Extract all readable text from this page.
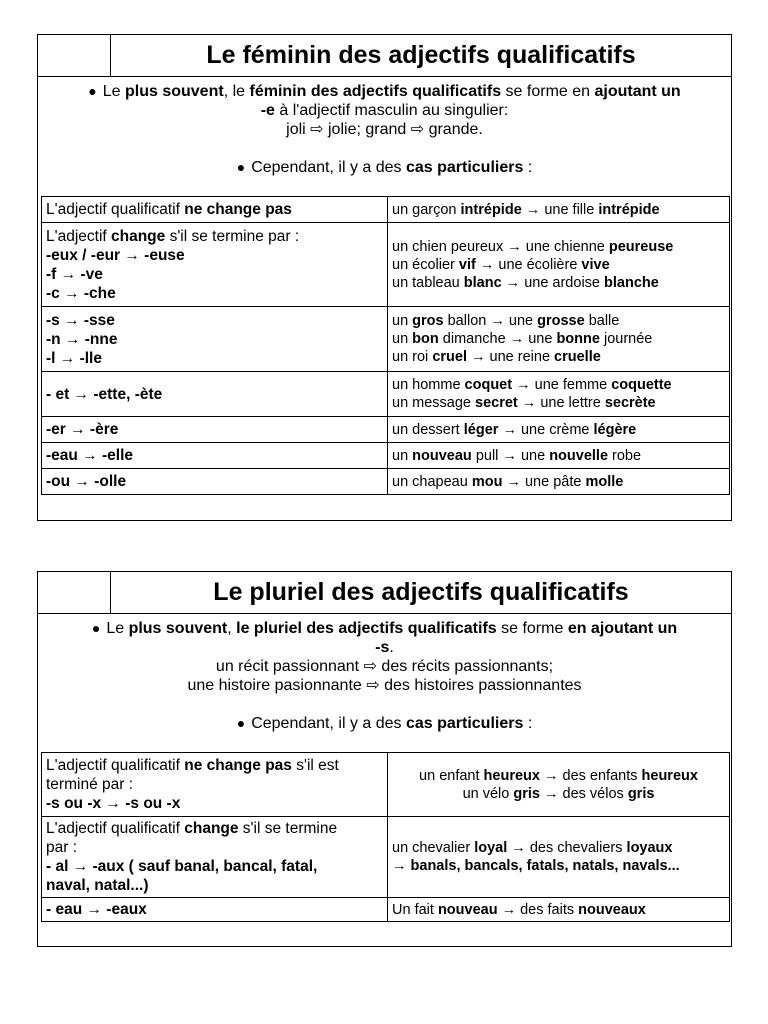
Le féminin des adjectifs qualificatifs
● Le plus souvent, le féminin des adjectifs qualificatifs se forme en ajoutant un
-e à l'adjectif masculin au singulier:
joli ⇨ jolie; grand ⇨ grande.
● Cependant, il y a des cas particuliers :
L'adjectif qualificatif ne change pas	un garçon intrépide → une fille intrépide

L'adjectif change s'il se termine par :
-eux / -eur → -euse
-f → -ve
-c → -che	un chien peureux → une chienne peureuse
un écolier vif → une écolière vive
un tableau blanc → une ardoise blanche

-s → -sse
-n → -nne
-l → -lle	un gros ballon → une grosse balle
un bon dimanche → une bonne journée
un roi cruel → une reine cruelle

- et → -ette, -ète	un homme coquet → une femme coquette
un message secret → une lettre secrète

-er → -ère	un dessert léger → une crème légère

-eau → -elle	un nouveau pull → une nouvelle robe

-ou → -olle	un chapeau mou → une pâte molle
Le pluriel des adjectifs qualificatifs
● Le plus souvent, le pluriel des adjectifs qualificatifs se forme en ajoutant un
-s.
un récit passionnant ⇨ des récits passionnants;
une histoire pasionnante ⇨ des histoires passionnantes
● Cependant, il y a des cas particuliers :
L'adjectif qualificatif ne change pas s'il est
terminé par :
-s ou -x → -s ou -x	un enfant heureux → des enfants heureux
un vélo gris → des vélos gris

L'adjectif qualificatif change s'il se termine
par :
- al → -aux ( sauf banal, bancal, fatal,
naval, natal...)	un chevalier loyal → des chevaliers loyaux
→ banals, bancals, fatals, natals, navals...

- eau → -eaux	Un fait nouveau → des faits nouveaux
